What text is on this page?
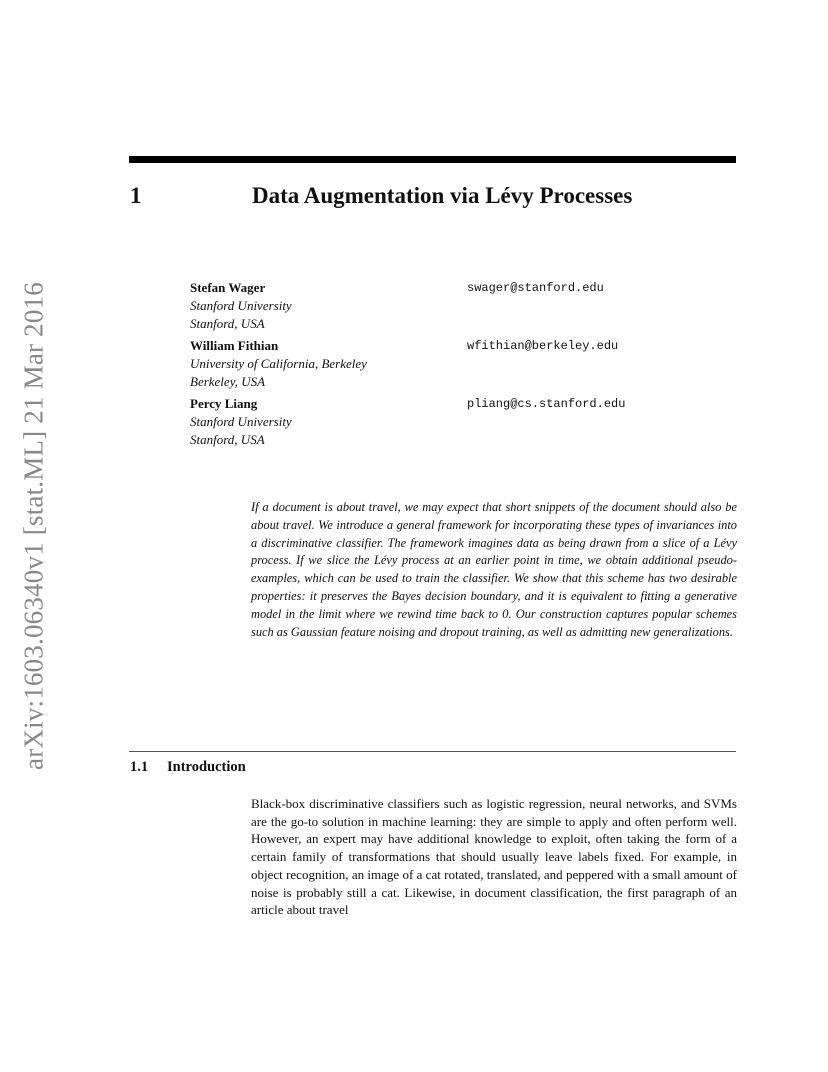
arXiv:1603.06340v1 [stat.ML] 21 Mar 2016
1	Data Augmentation via Lévy Processes
Stefan Wager
Stanford University
Stanford, USA
swager@stanford.edu
William Fithian
University of California, Berkeley
Berkeley, USA
wfithian@berkeley.edu
Percy Liang
Stanford University
Stanford, USA
pliang@cs.stanford.edu

If a document is about travel, we may expect that short snippets of the document should also be about travel. We introduce a general framework for incorporating these types of invariances into a discriminative classifier. The framework imagines data as being drawn from a slice of a Lévy process. If we slice the Lévy process at an earlier point in time, we obtain additional pseudo-examples, which can be used to train the classifier. We show that this scheme has two desirable properties: it preserves the Bayes decision boundary, and it is equivalent to fitting a generative model in the limit where we rewind time back to 0. Our construction captures popular schemes such as Gaussian feature noising and dropout training, as well as admitting new generalizations.

1.1 Introduction

Black-box discriminative classifiers such as logistic regression, neural networks, and SVMs are the go-to solution in machine learning: they are simple to apply and often perform well. However, an expert may have additional knowledge to exploit, often taking the form of a certain family of transformations that should usually leave labels fixed. For example, in object recognition, an image of a cat rotated, translated, and peppered with a small amount of noise is probably still a cat. Likewise, in document classification, the first paragraph of an article about travel
